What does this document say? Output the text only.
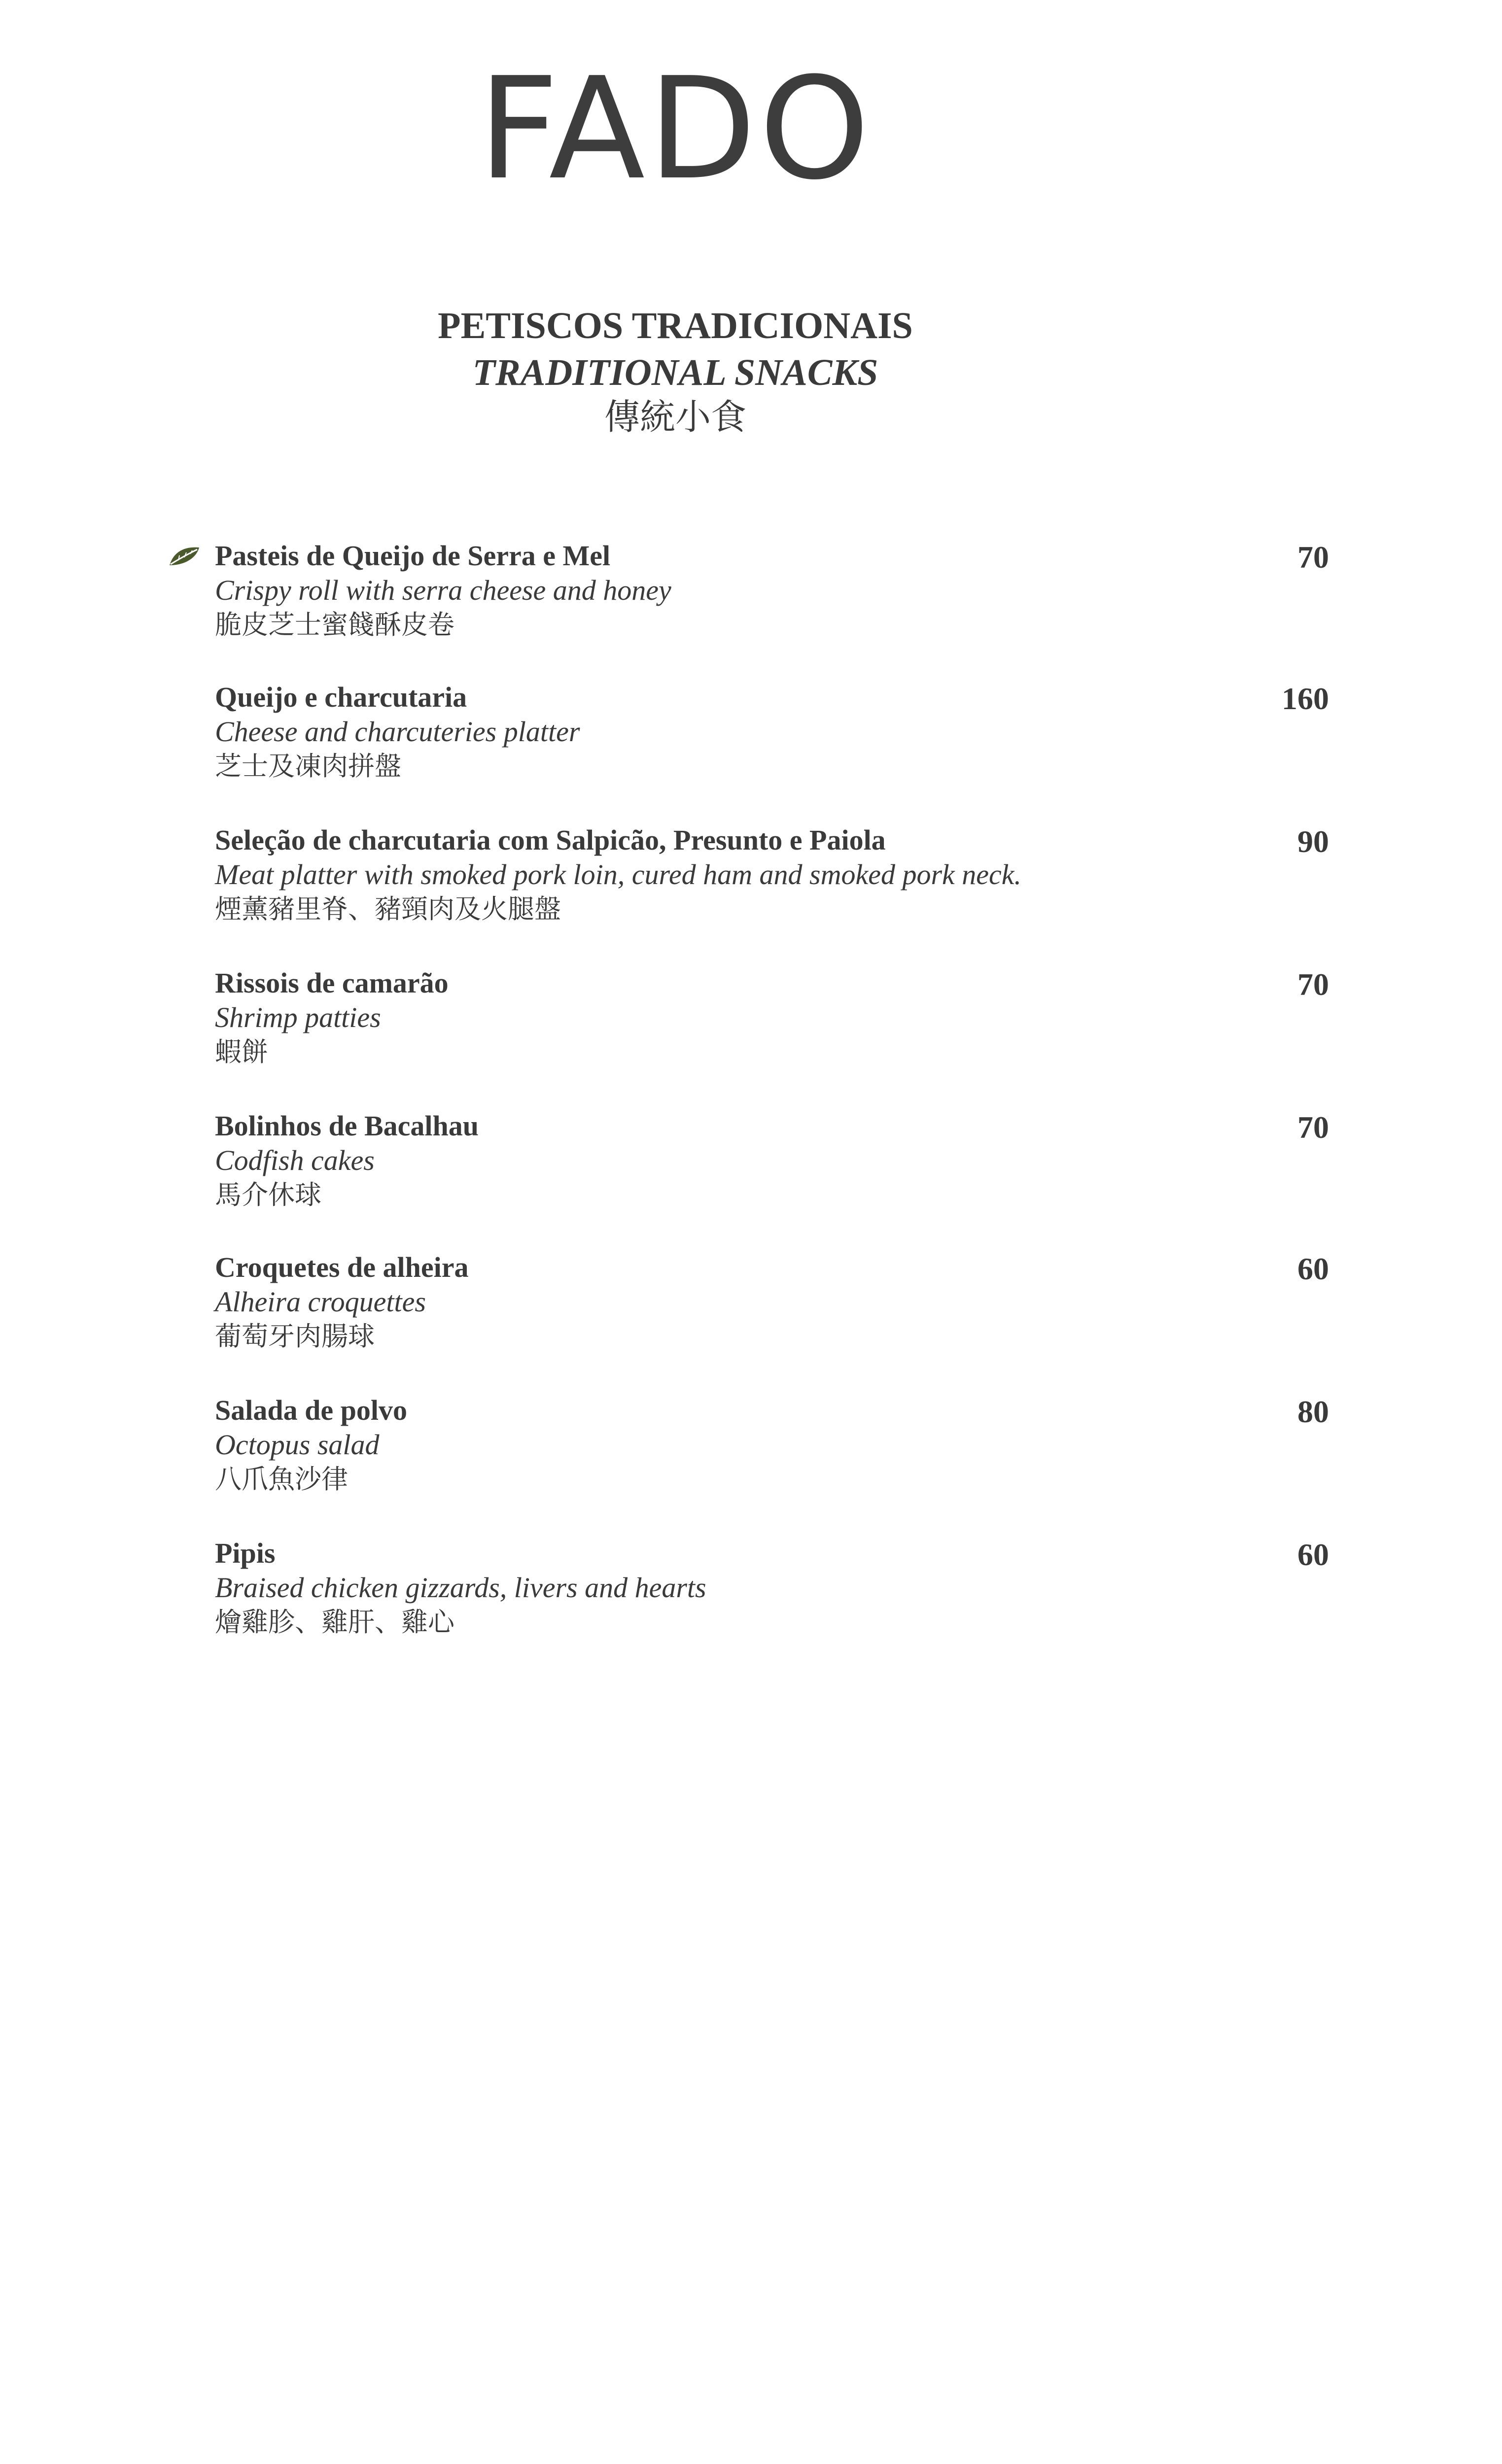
FADO
PETISCOS TRADICIONAIS
TRADITIONAL SNACKS
傳統小食
Pasteis de Queijo de Serra e Mel
Crispy roll with serra cheese and honey
脆皮芝士蜜餞酥皮卷
70
Queijo e charcutaria
Cheese and charcuteries platter
芝士及凍肉拼盤
160
Seleção de charcutaria com Salpicão, Presunto e Paiola
Meat platter with smoked pork loin, cured ham and smoked pork neck.
煙薰豬里脊、豬頸肉及火腿盤
90
Rissois de camarão
Shrimp patties
蝦餅
70
Bolinhos de Bacalhau
Codfish cakes
馬介休球
70
Croquetes de alheira
Alheira croquettes
葡萄牙肉腸球
60
Salada de polvo
Octopus salad
八爪魚沙律
80
Pipis
Braised chicken gizzards, livers and hearts
燴雞胗、雞肝、雞心
60
